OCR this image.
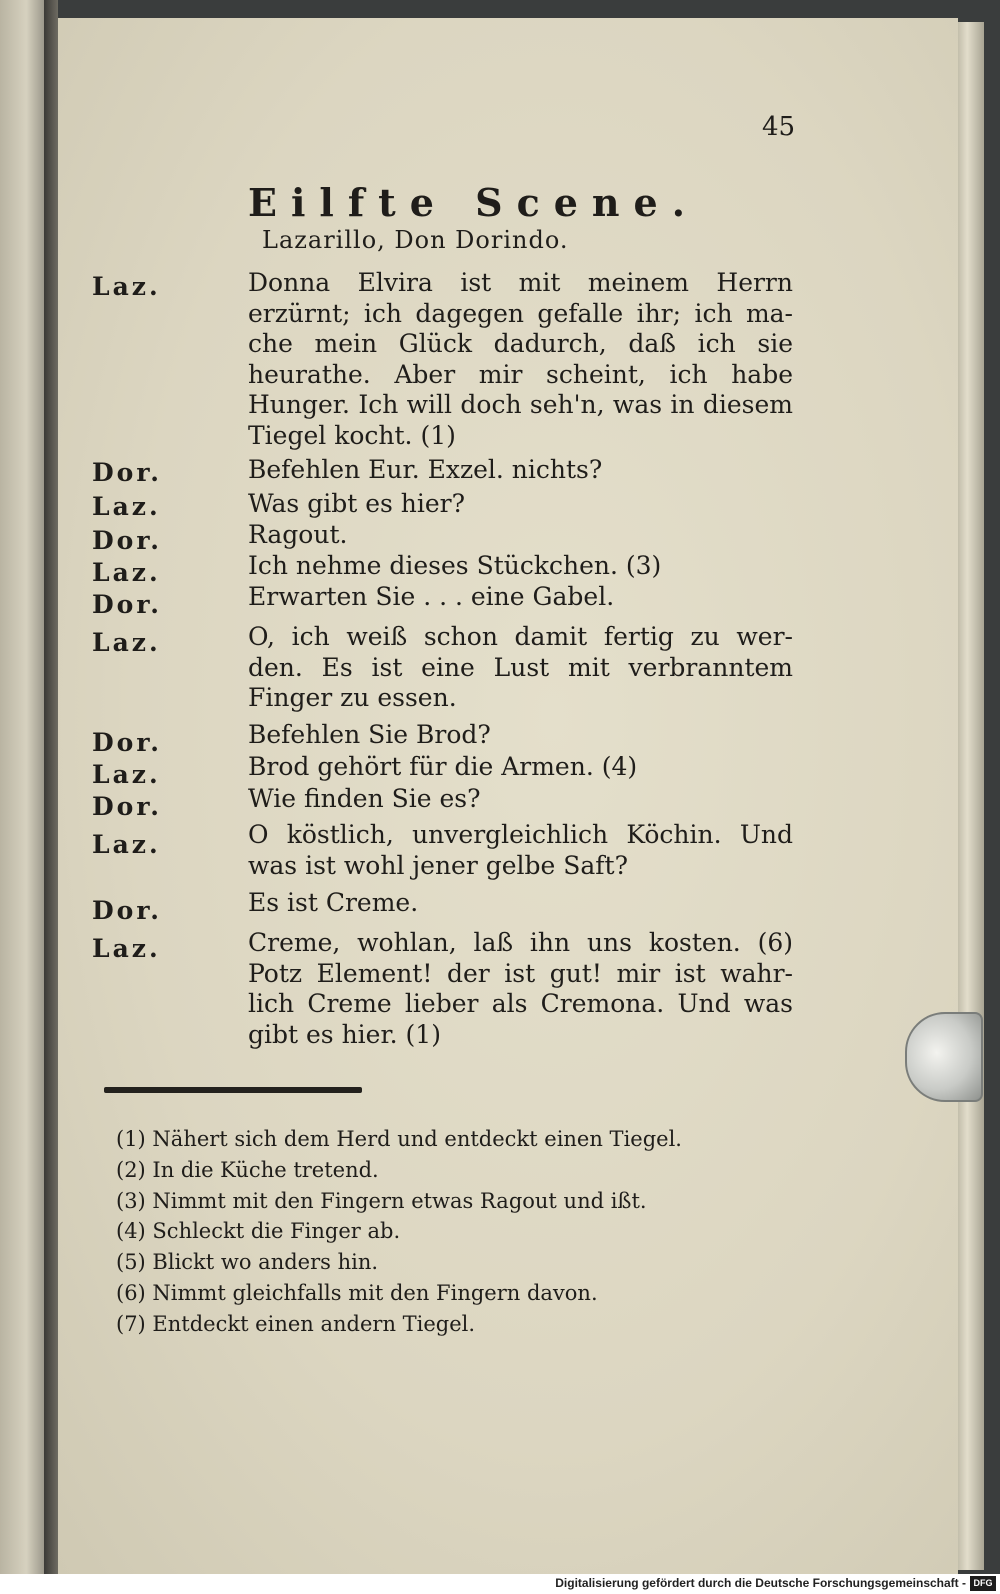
45
Eilfte Scene.
Lazarillo, Don Dorindo.
Laz.	Donna Elvira ist mit meinem Herrn erzürnt; ich dagegen gefalle ihr; ich ma- che mein Glück dadurch, daß ich sie heurathe. Aber mir scheint, ich habe Hunger. Ich will doch seh'n, was in diesem Tiegel kocht. (1)
Dor.	Befehlen Eur. Exzel. nichts?
Laz.	Was gibt es hier?
Dor.	Ragout.
Laz.	Ich nehme dieses Stückchen. (3)
Dor.	Erwarten Sie . . . eine Gabel.
Laz.	O, ich weiß schon damit fertig zu wer- den. Es ist eine Lust mit verbranntem Finger zu essen.
Dor.	Befehlen Sie Brod?
Laz.	Brod gehört für die Armen. (4)
Dor.	Wie finden Sie es?
Laz.	O köstlich, unvergleichlich Köchin. Und was ist wohl jener gelbe Saft?
Dor.	Es ist Creme.
Laz.	Creme, wohlan, laß ihn uns kosten. (6) Potz Element! der ist gut! mir ist wahr- lich Creme lieber als Cremona. Und was gibt es hier. (1)
(1) Nähert sich dem Herd und entdeckt einen Tiegel.
(2) In die Küche tretend.
(3) Nimmt mit den Fingern etwas Ragout und ißt.
(4) Schleckt die Finger ab.
(5) Blickt wo anders hin.
(6) Nimmt gleichfalls mit den Fingern davon.
(7) Entdeckt einen andern Tiegel.
Digitalisierung gefördert durch die Deutsche Forschungsgemeinschaft - DFG
